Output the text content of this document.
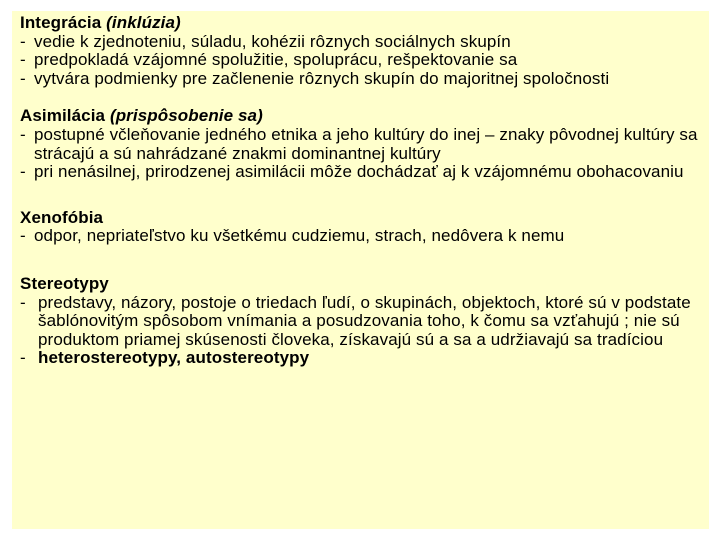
Integrácia (inklúzia)
- vedie k zjednoteniu, súladu, kohézii rôznych sociálnych skupín
- predpokladá vzájomné spolužitie, spoluprácu, rešpektovanie sa
- vytvára podmienky pre začlenenie rôznych skupín do majoritnej spoločnosti
Asimilácia (prispôsobenie sa)
- postupné včleňovanie jedného etnika a jeho kultúry do inej – znaky pôvodnej kultúry sa strácajú a sú nahrádzané znakmi dominantnej kultúry
- pri nenásilnej, prirodzenej asimilácii môže dochádzať aj k vzájomnému obohacovaniu
Xenofóbia
- odpor, nepriateľstvo ku všetkému cudziemu, strach, nedôvera k nemu
Stereotypy
- predstavy, názory, postoje o triedach ľudí, o skupinách, objektoch, ktoré sú v podstate šablónovitým spôsobom vnímania a posudzovania toho, k čomu sa vzťahujú ; nie sú produktom priamej skúsenosti človeka, získavajú sú a sa a udržiavajú sa tradíciou
- heterostereotypy, autostereotypy
